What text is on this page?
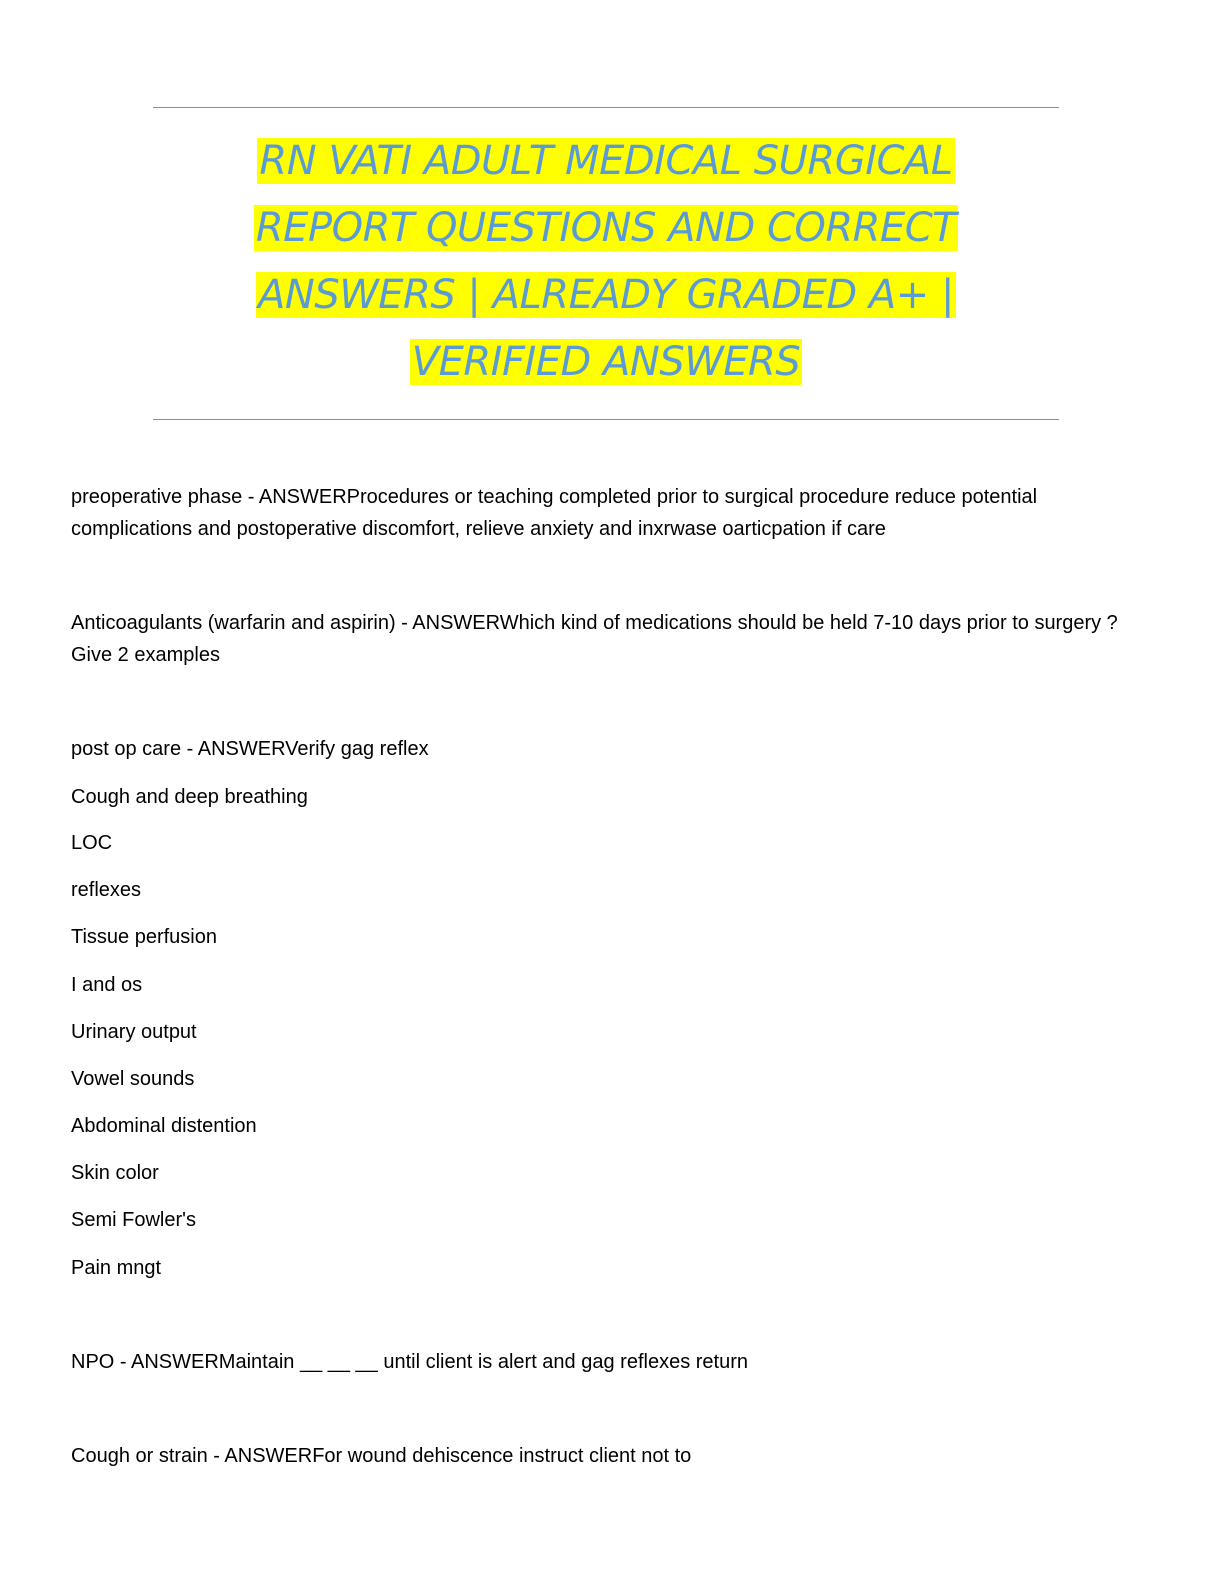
RN VATI ADULT MEDICAL SURGICAL
REPORT QUESTIONS AND CORRECT
ANSWERS | ALREADY GRADED A+ |
VERIFIED ANSWERS

preoperative phase - ANSWERProcedures or teaching completed prior to surgical procedure reduce potential complications and postoperative discomfort, relieve anxiety and inxrwase oarticpation if care

Anticoagulants (warfarin and aspirin) - ANSWERWhich kind of medications should be held 7-10 days prior to surgery ? Give 2 examples

post op care - ANSWERVerify gag reflex
Cough and deep breathing
LOC
reflexes
Tissue perfusion
I and os
Urinary output
Vowel sounds
Abdominal distention
Skin color
Semi Fowler's
Pain mngt
NPO - ANSWERMaintain __ __ __ until client is alert and gag reflexes return
Cough or strain - ANSWERFor wound dehiscence instruct client not to
